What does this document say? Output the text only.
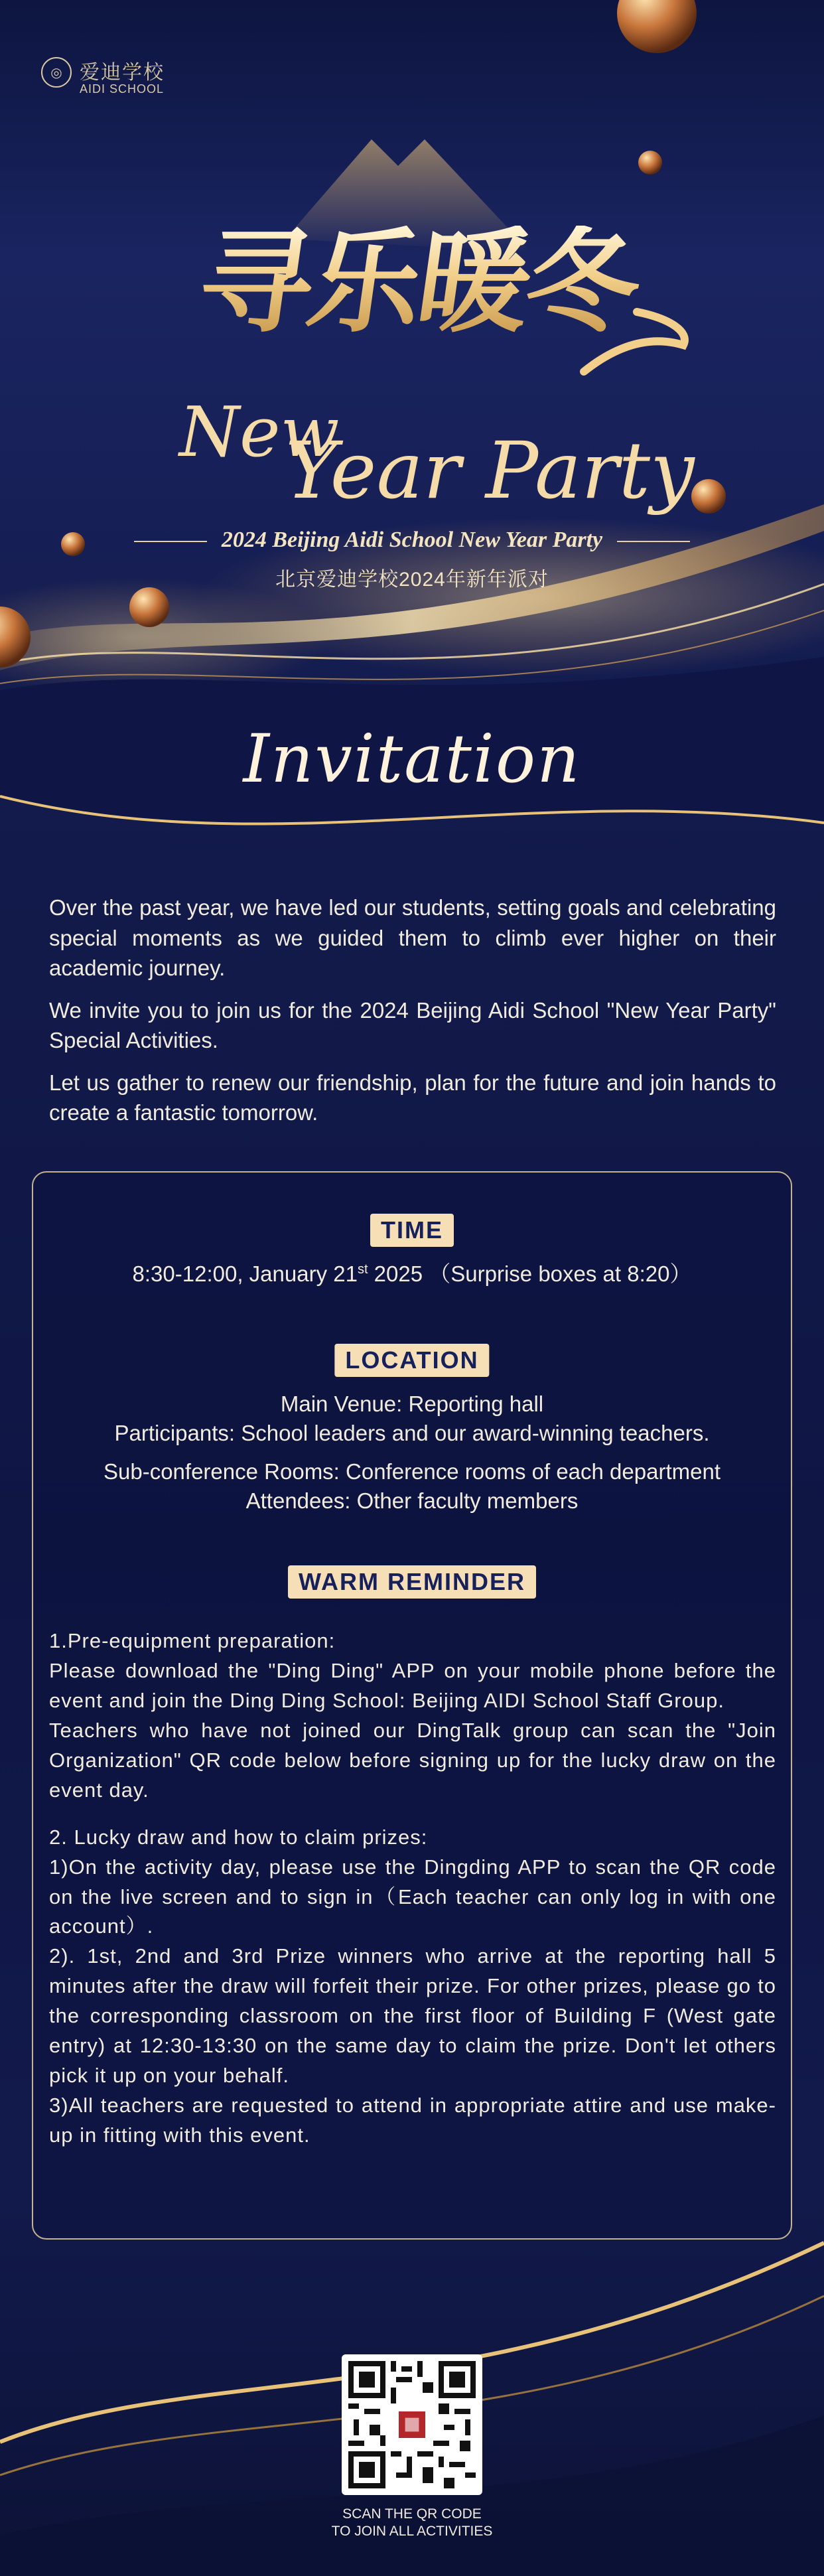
◎ 爱迪学校
AIDI SCHOOL
寻乐暖冬
New
Year Party
2024 Beijing Aidi School New Year Party
北京爱迪学校2024年新年派对
Invitation

Over the past year, we have led our students, setting goals and celebrating special moments as we guided them to climb ever higher on their academic journey.

We invite you to join us for the 2024 Beijing Aidi School "New Year Party" Special Activities.

Let us gather to renew our friendship, plan for the future and join hands to create a fantastic tomorrow.

TIME
8:30-12:00, January 21st 2025 （Surprise boxes at 8:20）
LOCATION
Main Venue: Reporting hall
Participants: School leaders and our award-winning teachers.
Sub-conference Rooms: Conference rooms of each department
Attendees: Other faculty members
WARM REMINDER

1.Pre-equipment preparation:
Please download the "Ding Ding" APP on your mobile phone before the event and join the Ding Ding School: Beijing AIDI School Staff Group.
Teachers who have not joined our DingTalk group can scan the "Join Organization" QR code below before signing up for the lucky draw on the event day.

2. Lucky draw and how to claim prizes:
1)On the activity day, please use the Dingding APP to scan the QR code on the live screen and to sign in（Each teacher can only log in with one account）.
2). 1st, 2nd and 3rd Prize winners who arrive at the reporting hall 5 minutes after the draw will forfeit their prize. For other prizes, please go to the corresponding classroom on the first floor of Building F (West gate entry) at 12:30-13:30 on the same day to claim the prize. Don't let others pick it up on your behalf.
3)All teachers are requested to attend in appropriate attire and use make-up in fitting with this event.

SCAN THE QR CODE
TO JOIN ALL ACTIVITIES
